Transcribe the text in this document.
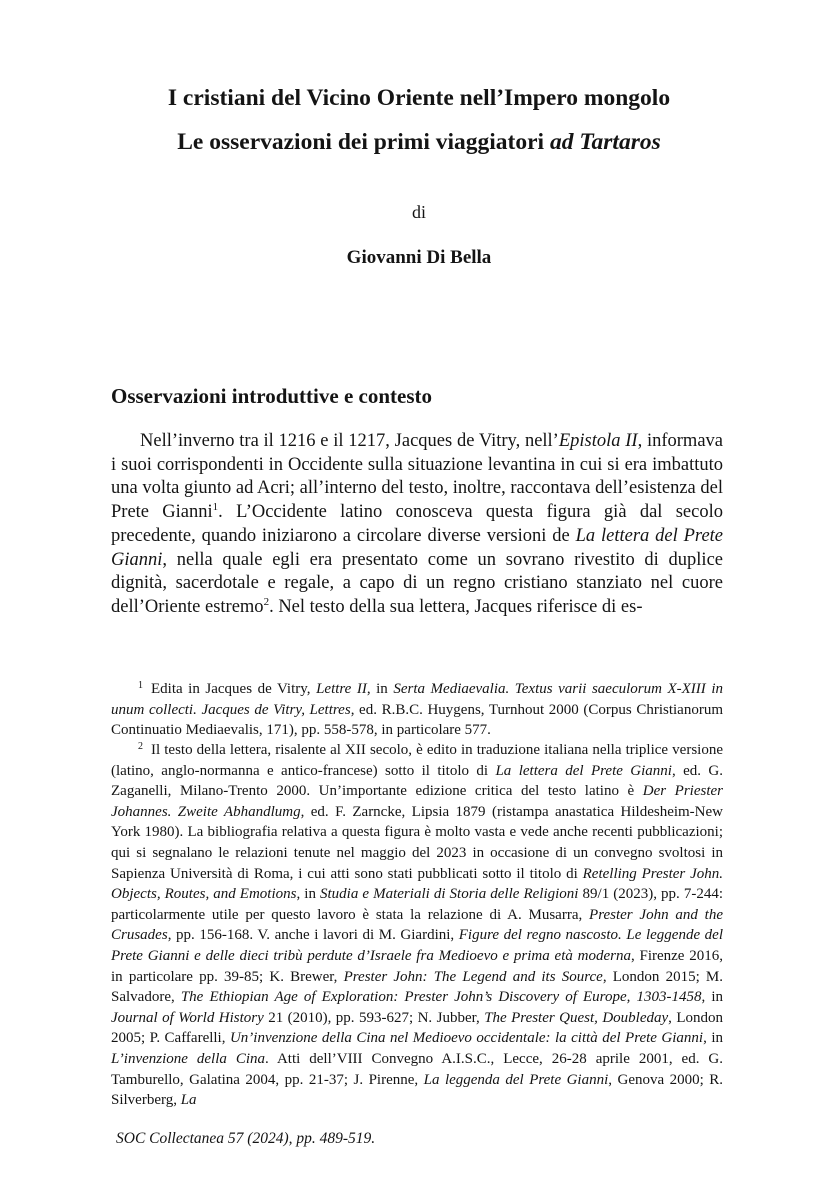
I cristiani del Vicino Oriente nell’Impero mongolo
Le osservazioni dei primi viaggiatori ad Tartaros
di
Giovanni Di Bella
Osservazioni introduttive e contesto

Nell’inverno tra il 1216 e il 1217, Jacques de Vitry, nell’Epistola II, informava i suoi corrispondenti in Occidente sulla situazione levantina in cui si era imbattuto una volta giunto ad Acri; all’interno del testo, inoltre, raccontava dell’esistenza del Prete Gianni$^1$. L’Occidente latino conosceva questa figura già dal secolo precedente, quando iniziarono a circolare diverse versioni de La lettera del Prete Gianni, nella quale egli era presentato come un sovrano rivestito di duplice dignità, sacerdotale e regale, a capo di un regno cristiano stanziato nel cuore dell’Oriente estremo$^2$. Nel testo della sua lettera, Jacques riferisce di es-

$^1$ Edita in Jacques de Vitry, Lettre II, in Serta Mediaevalia. Textus varii saeculorum X-XIII in unum collecti. Jacques de Vitry, Lettres, ed. R.B.C. Huygens, Turnhout 2000 (Corpus Christianorum Continuatio Mediaevalis, 171), pp. 558-578, in particolare 577.

$^2$ Il testo della lettera, risalente al XII secolo, è edito in traduzione italiana nella triplice versione (latino, anglo-normanna e antico-francese) sotto il titolo di La lettera del Prete Gianni, ed. G. Zaganelli, Milano-Trento 2000. Un’importante edizione critica del testo latino è Der Priester Johannes. Zweite Abhandlumg, ed. F. Zarncke, Lipsia 1879 (ristampa anastatica Hildesheim-New York 1980). La bibliografia relativa a questa figura è molto vasta e vede anche recenti pubblicazioni; qui si segnalano le relazioni tenute nel maggio del 2023 in occasione di un convegno svoltosi in Sapienza Università di Roma, i cui atti sono stati pubblicati sotto il titolo di Retelling Prester John. Objects, Routes, and Emotions, in Studia e Materiali di Storia delle Religioni 89/1 (2023), pp. 7-244: particolarmente utile per questo lavoro è stata la relazione di A. Musarra, Prester John and the Crusades, pp. 156-168. V. anche i lavori di M. Giardini, Figure del regno nascosto. Le leggende del Prete Gianni e delle dieci tribù perdute d’Israele fra Medioevo e prima età moderna, Firenze 2016, in particolare pp. 39-85; K. Brewer, Prester John: The Legend and its Source, London 2015; M. Salvadore, The Ethiopian Age of Exploration: Prester John’s Discovery of Europe, 1303-1458, in Journal of World History 21 (2010), pp. 593-627; N. Jubber, The Prester Quest, Doubleday, London 2005; P. Caffarelli, Un’invenzione della Cina nel Medioevo occidentale: la città del Prete Gianni, in L’invenzione della Cina. Atti dell’VIII Convegno A.I.S.C., Lecce, 26-28 aprile 2001, ed. G. Tamburello, Galatina 2004, pp. 21-37; J. Pirenne, La leggenda del Prete Gianni, Genova 2000; R. Silverberg, La

SOC Collectanea 57 (2024), pp. 489-519.
